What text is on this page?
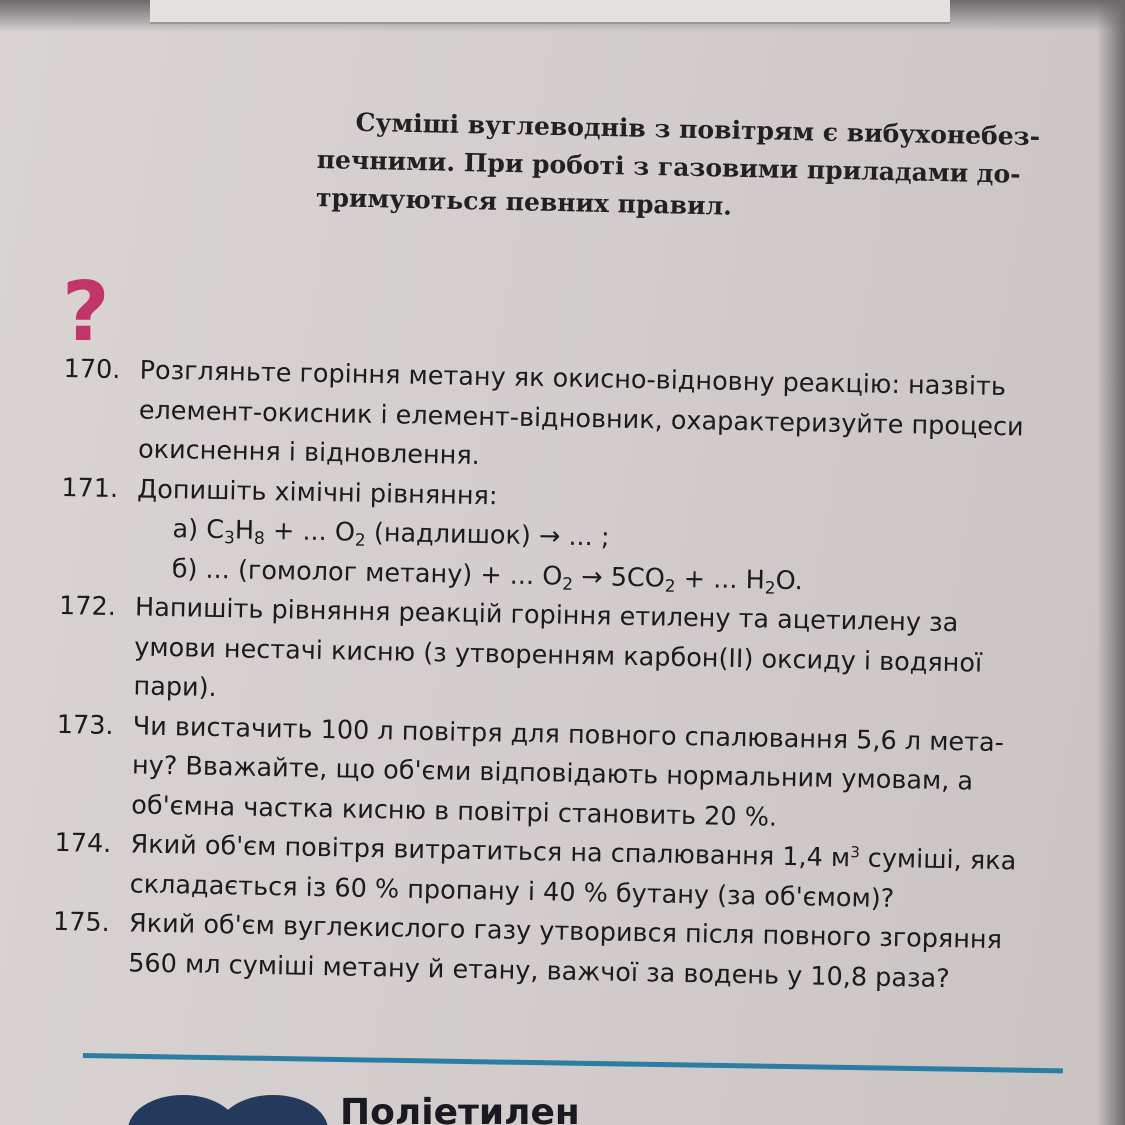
Суміші вуглеводнів з повітрям є вибухонебез- печними. При роботі з газовими приладами до- тримуються певних правил.

?
170. Розгляньте горіння метану як окисно-відновну реакцію: назвіть
елемент-окисник і елемент-відновник, охарактеризуйте процеси
окиснення і відновлення.
171. Допишіть хімічні рівняння:
а) $C_3H_8$ + ... $O_2$ (надлишок) → ... ;
б) ... (гомолог метану) + ... $O_2 \to 5CO_2$ + ... $H_2O$.
172. Напишіть рівняння реакцій горіння етилену та ацетилену за
умови нестачі кисню (з утворенням карбон(ІІ) оксиду і водяної
пари).
173. Чи вистачить 100 л повітря для повного спалювання 5,6 л мета-
ну? Вважайте, що об'єми відповідають нормальним умовам, а
об'ємна частка кисню в повітрі становить 20 %.
174. Який об'єм повітря витратиться на спалювання 1,4 $м^3$ суміші, яка
складається із 60 % пропану і 40 % бутану (за об'ємом)?
175. Який об'єм вуглекислого газу утворився після повного згоряння
560 мл суміші метану й етану, важчої за водень у 10,8 раза?
Поліетилен
